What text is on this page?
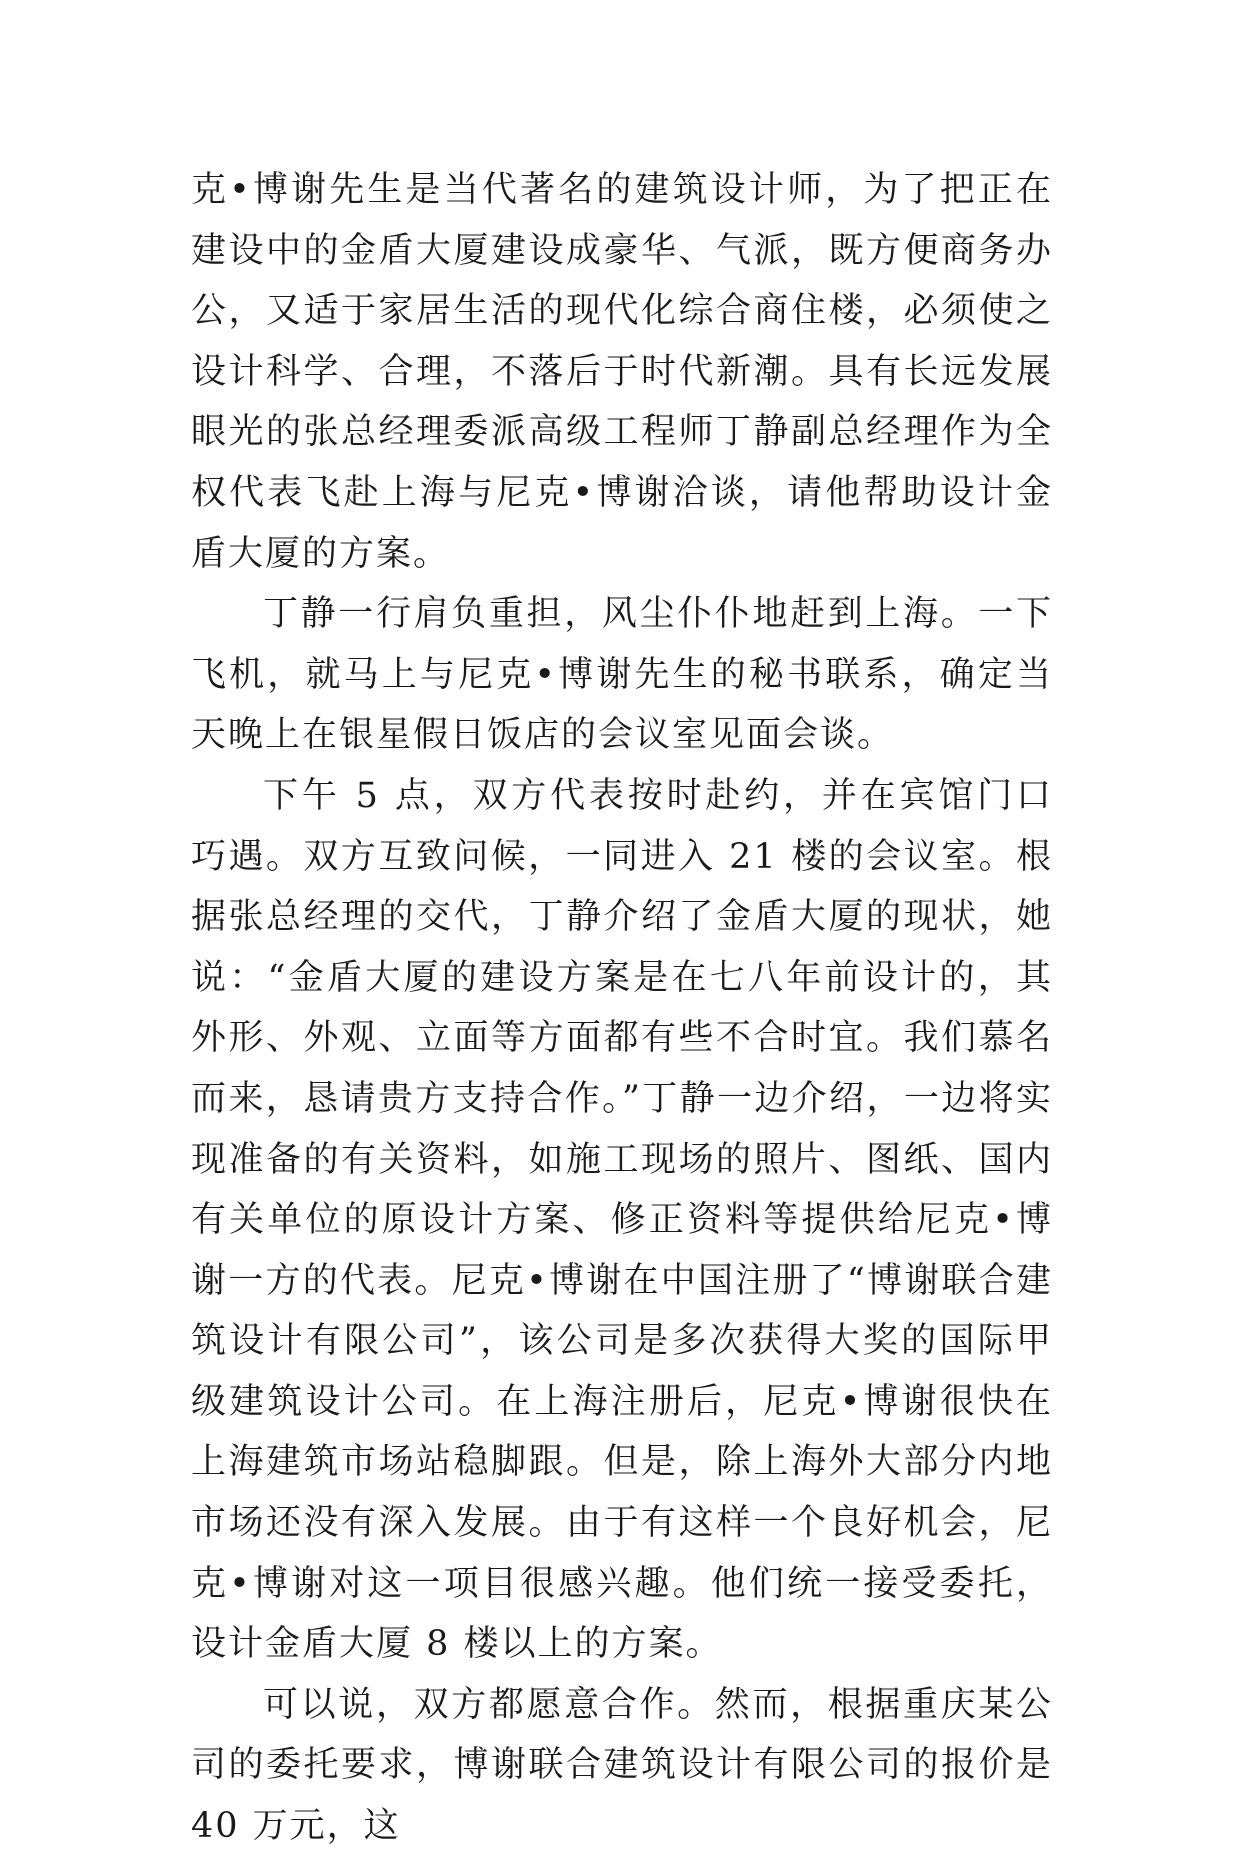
克•博谢先生是当代著名的建筑设计师，为了把正在建设中的金盾大厦建设成豪华、气派，既方便商务办公，又适于家居生活的现代化综合商住楼，必须使之设计科学、合理，不落后于时代新潮。具有长远发展眼光的张总经理委派高级工程师丁静副总经理作为全权代表飞赴上海与尼克•博谢洽谈，请他帮助设计金盾大厦的方案。

丁静一行肩负重担，风尘仆仆地赶到上海。一下飞机，就马上与尼克•博谢先生的秘书联系，确定当天晚上在银星假日饭店的会议室见面会谈。

下午 5 点，双方代表按时赴约，并在宾馆门口巧遇。双方互致问候，一同进入 21 楼的会议室。根据张总经理的交代，丁静介绍了金盾大厦的现状，她说：“金盾大厦的建设方案是在七八年前设计的，其外形、外观、立面等方面都有些不合时宜。我们慕名而来，恳请贵方支持合作。”丁静一边介绍，一边将实现准备的有关资料，如施工现场的照片、图纸、国内有关单位的原设计方案、修正资料等提供给尼克•博谢一方的代表。尼克•博谢在中国注册了“博谢联合建筑设计有限公司”，该公司是多次获得大奖的国际甲级建筑设计公司。在上海注册后，尼克•博谢很快在上海建筑市场站稳脚跟。但是，除上海外大部分内地市场还没有深入发展。由于有这样一个良好机会，尼克•博谢对这一项目很感兴趣。他们统一接受委托，设计金盾大厦 8 楼以上的方案。

可以说，双方都愿意合作。然而，根据重庆某公司的委托要求，博谢联合建筑设计有限公司的报价是 40 万元，这
